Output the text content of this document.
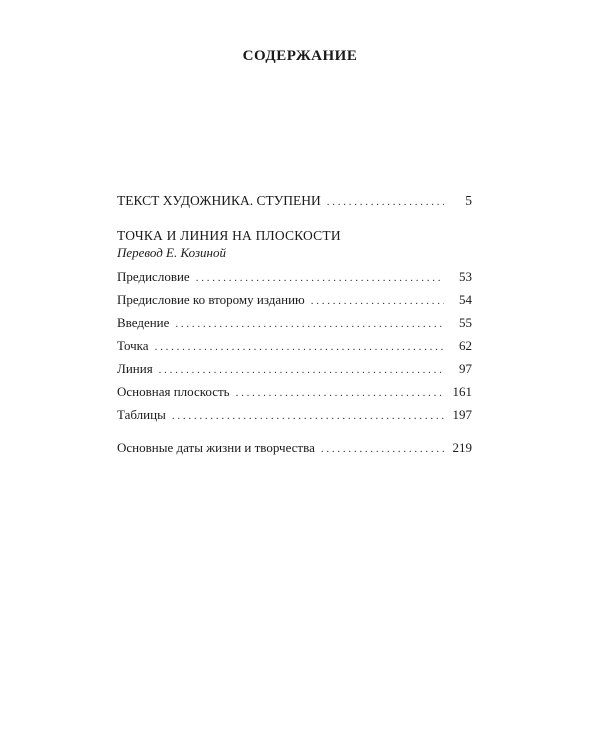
СОДЕРЖАНИЕ
ТЕКСТ ХУДОЖНИКА. СТУПЕНИ . . .	5
ТОЧКА И ЛИНИЯ НА ПЛОСКОСТИ
Перевод Е. Козиной
Предисловие . . .	53
Предисловие ко второму изданию . . .	54
Введение . . .	55
Точка . . .	62
Линия . . .	97
Основная плоскость . . .	161
Таблицы . . .	197
Основные даты жизни и творчества . . .	219
